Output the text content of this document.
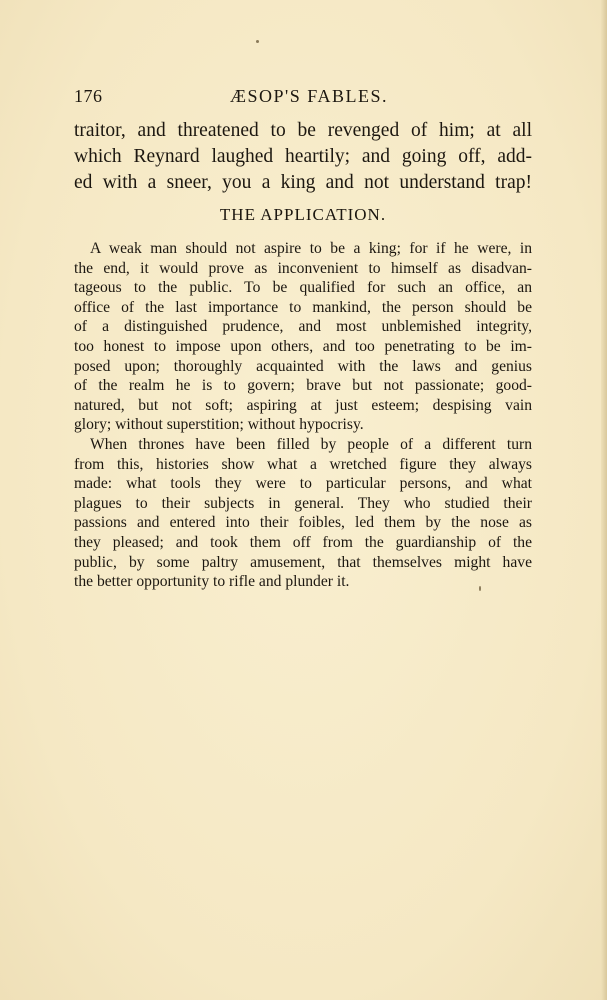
176	ÆSOP'S FABLES.
traitor, and threatened to be revenged of him; at all
which Reynard laughed heartily; and going off, add-
ed with a sneer, you a king and not understand trap!
THE APPLICATION.
A weak man should not aspire to be a king; for if he were, in
the end, it would prove as inconvenient to himself as disadvan-
tageous to the public. To be qualified for such an office, an
office of the last importance to mankind, the person should be
of a distinguished prudence, and most unblemished integrity,
too honest to impose upon others, and too penetrating to be im-
posed upon; thoroughly acquainted with the laws and genius
of the realm he is to govern; brave but not passionate; good-
natured, but not soft; aspiring at just esteem; despising vain
glory; without superstition; without hypocrisy.
When thrones have been filled by people of a different turn
from this, histories show what a wretched figure they always
made: what tools they were to particular persons, and what
plagues to their subjects in general. They who studied their
passions and entered into their foibles, led them by the nose as
they pleased; and took them off from the guardianship of the
public, by some paltry amusement, that themselves might have
the better opportunity to rifle and plunder it.
